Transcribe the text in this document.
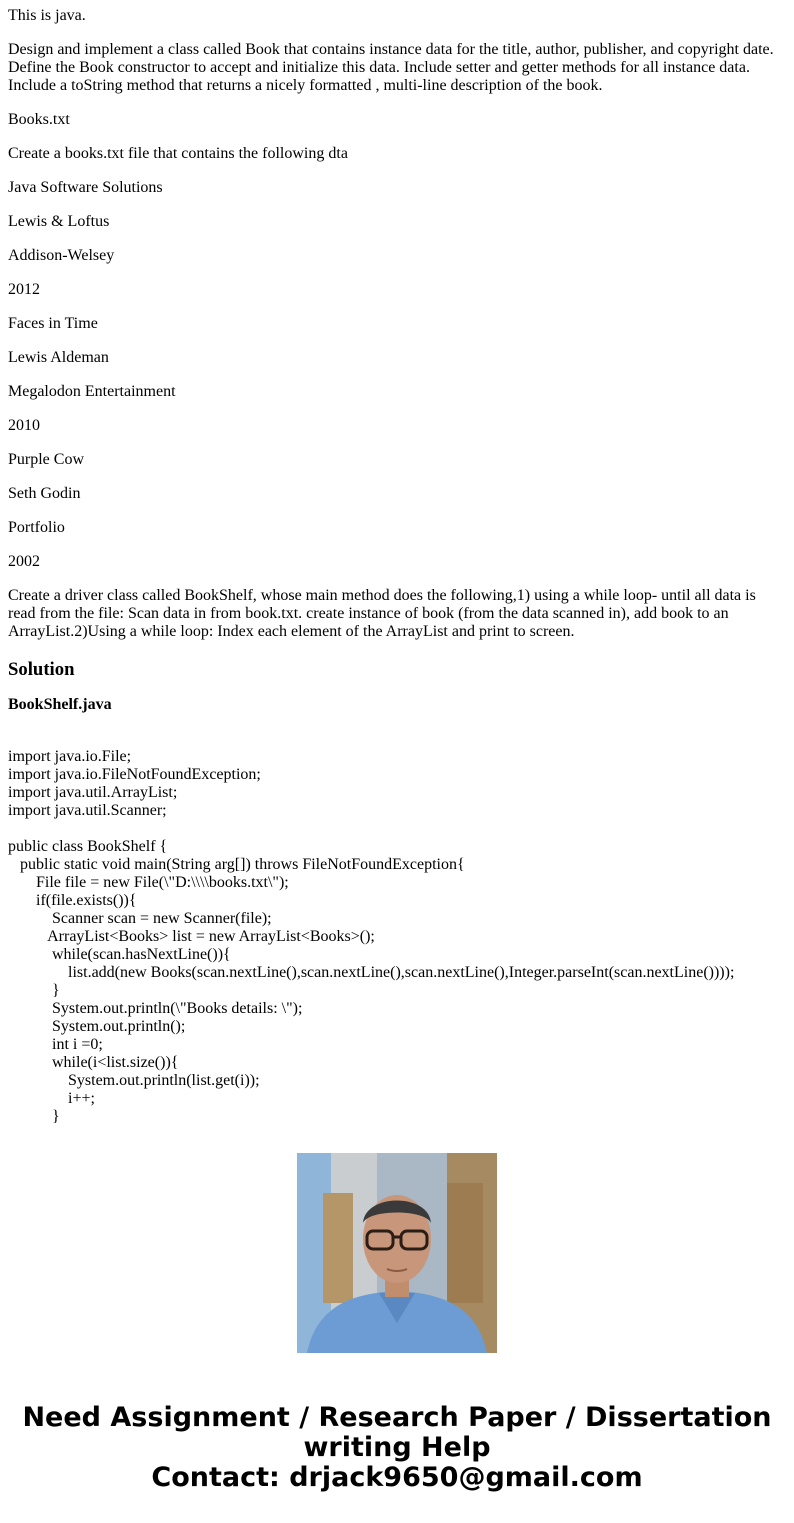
This is java.

Design and implement a class called Book that contains instance data for the title, author, publisher, and copyright date. Define the Book constructor to accept and initialize this data. Include setter and getter methods for all instance data. Include a toString method that returns a nicely formatted , multi-line description of the book.

Books.txt

Create a books.txt file that contains the following dta

Java Software Solutions

Lewis & Loftus

Addison-Welsey

2012

Faces in Time

Lewis Aldeman

Megalodon Entertainment

2010

Purple Cow

Seth Godin

Portfolio

2002

Create a driver class called BookShelf, whose main method does the following,1) using a while loop- until all data is read from the file: Scan data in from book.txt. create instance of book (from the data scanned in), add book to an ArrayList.2)Using a while loop: Index each element of the ArrayList and print to screen.

Solution
BookShelf.java
import java.io.File;
import java.io.FileNotFoundException;
import java.util.ArrayList;
import java.util.Scanner;

public class BookShelf {
public static void main(String arg[]) throws FileNotFoundException{
File file = new File(\"D:\\\\books.txt\");
if(file.exists()){
Scanner scan = new Scanner(file);
ArrayList<Books> list = new ArrayList<Books>();
while(scan.hasNextLine()){
list.add(new Books(scan.nextLine(),scan.nextLine(),scan.nextLine(),Integer.parseInt(scan.nextLine())));
}
System.out.println(\"Books details: \");
System.out.println();
int i =0;
while(i<list.size()){
System.out.println(list.get(i));
i++;
}
Need Assignment / Research Paper / Dissertation
writing Help
Contact: drjack9650@gmail.com
